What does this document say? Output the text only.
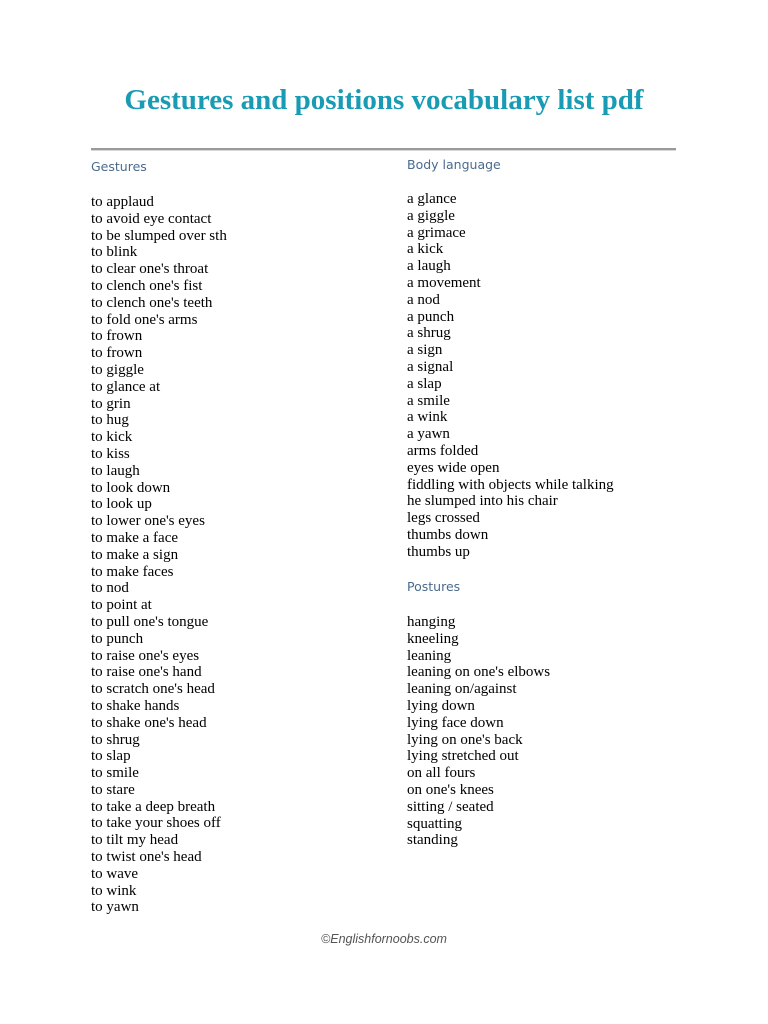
Gestures and positions vocabulary list pdf
Gestures
to applaud
to avoid eye contact
to be slumped over sth
to blink
to clear one's throat
to clench one's fist
to clench one's teeth
to fold one's arms
to frown
to frown
to giggle
to glance at
to grin
to hug
to kick
to kiss
to laugh
to look down
to look up
to lower one's eyes
to make a face
to make a sign
to make faces
to nod
to point at
to pull one's tongue
to punch
to raise one's eyes
to raise one's hand
to scratch one's head
to shake hands
to shake one's head
to shrug
to slap
to smile
to stare
to take a deep breath
to take your shoes off
to tilt my head
to twist one's head
to wave
to wink
to yawn
Body language
a glance
a giggle
a grimace
a kick
a laugh
a movement
a nod
a punch
a shrug
a sign
a signal
a slap
a smile
a wink
a yawn
arms folded
eyes wide open
fiddling with objects while talking
he slumped into his chair
legs crossed
thumbs down
thumbs up
Postures
hanging
kneeling
leaning
leaning on one's elbows
leaning on/against
lying down
lying face down
lying on one's back
lying stretched out
on all fours
on one's knees
sitting / seated
squatting
standing
©Englishfornoobs.com
